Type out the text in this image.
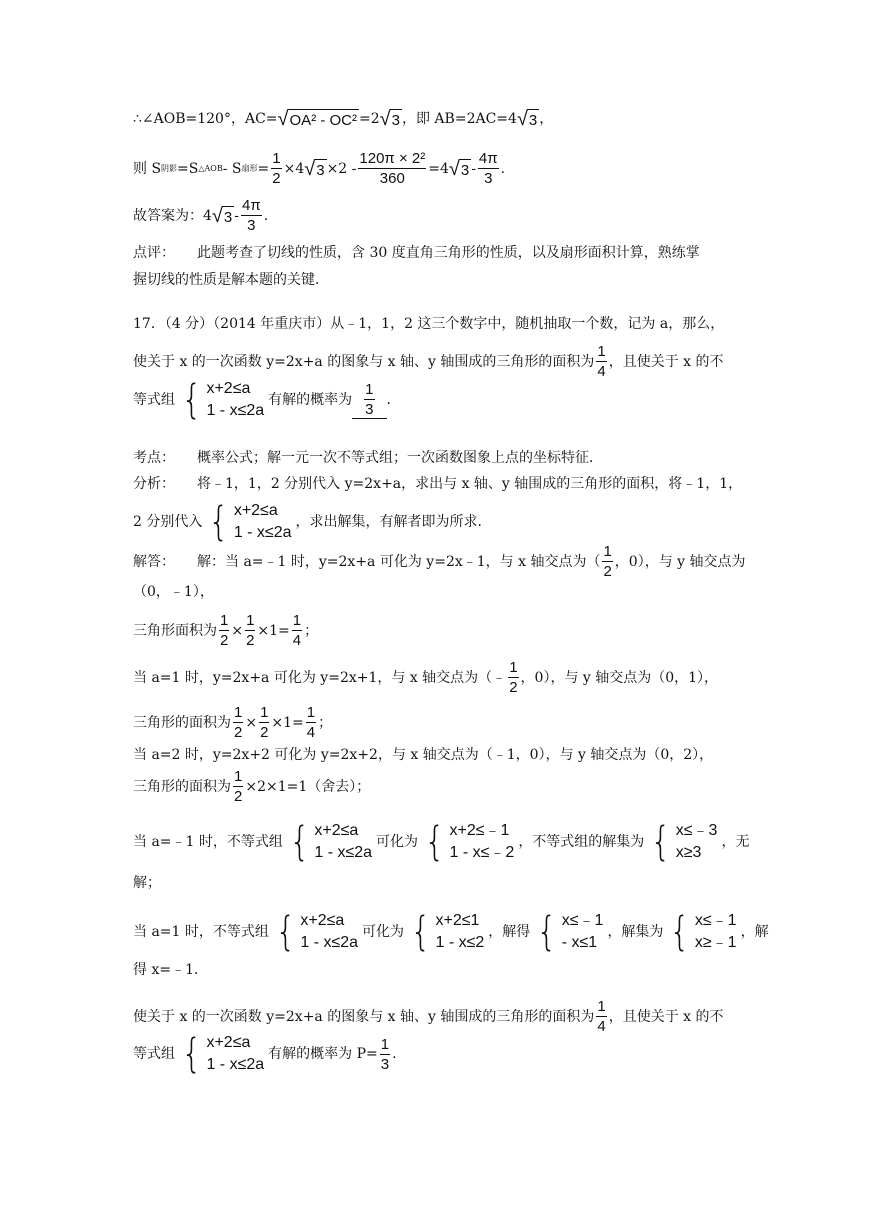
∴∠AOB=120°，AC= √ OA² - OC² =2 √ 3 ，即 AB=2AC=4 √ 3 ，
则 S 阴影 =S △AOB - S 扇形 = $\frac{1}{2} \times 4$ √ $3 \times 2 - \frac{\text{120π × 2²}}{360} =4$ √ $3 - \frac{4\pi}{3}$ .
故答案为：4 √ $3 - \frac{4\pi}{3}$ .
点评：	此题考查了切线的性质，含 30 度直角三角形的性质，以及扇形面积计算，熟练掌
握切线的性质是解本题的关键．
17．（4 分）（2014 年重庆市）从﹣1，1，2 这三个数字中，随机抽取一个数，记为 a，那么，
使关于 x 的一次函数 y=2x+a 的图象与 x 轴、y 轴围成的三角形的面积为 $\frac{1}{4}$ ，且使关于 x 的不
等式组 { x+2≤a
1 - x≤2a
有解的概率为 $\frac{1}{3}$ ．
考点：	概率公式；解一元一次不等式组；一次函数图象上点的坐标特征．
分析：	将﹣1，1，2 分别代入 y=2x+a，求出与 x 轴、y 轴围成的三角形的面积，将﹣1，1，
2 分别代入 { x+2≤a
1 - x≤2a
，求出解集，有解者即为所求．
解答：	解：当 a=﹣1 时，y=2x+a 可化为 y=2x﹣1，与 x 轴交点为（ $\frac{1}{2}$ ，0），与 y 轴交点为
（0，﹣1），
三角形面积为 $\frac{1}{2} \times \frac{1}{2} \times 1= \frac{1}{4}$ ；
当 a=1 时，y=2x+a 可化为 y=2x+1，与 x 轴交点为（﹣ $\frac{1}{2}$ ，0），与 y 轴交点为（0，1），
三角形的面积为 $\frac{1}{2} \times \frac{1}{2} \times 1= \frac{1}{4}$ ；
当 a=2 时，y=2x+2 可化为 y=2x+2，与 x 轴交点为（﹣1，0），与 y 轴交点为（0，2），
三角形的面积为 $\frac{1}{2} \times 2\times 1=1$（舍去）；
当 a=﹣1 时，不等式组 { x+2≤a
1 - x≤2a
可化为 { x+2≤﹣1
1 - x≤﹣2
，不等式组的解集为 { x≤﹣3
x≥3
，无
解；
当 a=1 时，不等式组 { x+2≤a
1 - x≤2a
可化为 { x+2≤1
1 - x≤2
，解得 { x≤﹣1
- x≤1
，解集为 { x≤﹣1
x≥﹣1
，解
得 x=﹣1．
使关于 x 的一次函数 y=2x+a 的图象与 x 轴、y 轴围成的三角形的面积为 $\frac{1}{4}$ ，且使关于 x 的不
等式组 { x+2≤a
1 - x≤2a
有解的概率为 $P= \frac{1}{3}$ .
